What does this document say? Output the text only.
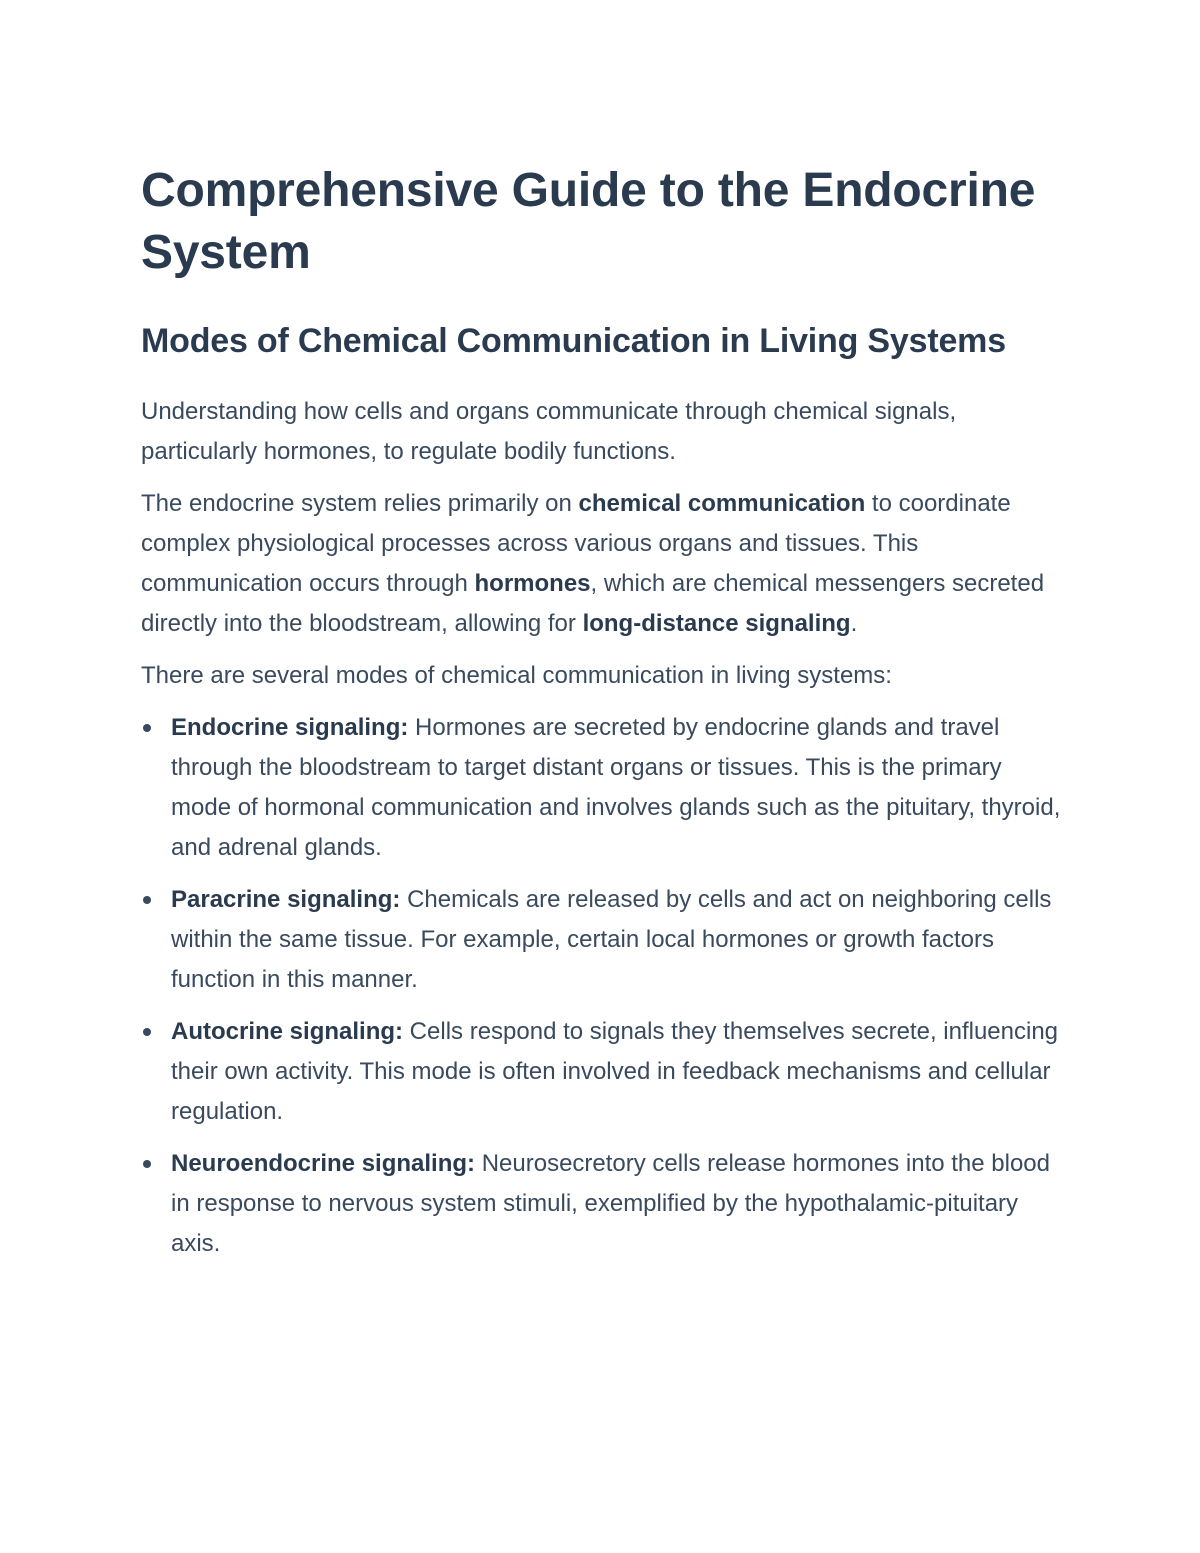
Comprehensive Guide to the Endocrine System
Modes of Chemical Communication in Living Systems

Understanding how cells and organs communicate through chemical signals, particularly hormones, to regulate bodily functions.

The endocrine system relies primarily on chemical communication to coordinate complex physiological processes across various organs and tissues. This communication occurs through hormones, which are chemical messengers secreted directly into the bloodstream, allowing for long-distance signaling.

There are several modes of chemical communication in living systems:

Endocrine signaling: Hormones are secreted by endocrine glands and travel through the bloodstream to target distant organs or tissues. This is the primary mode of hormonal communication and involves glands such as the pituitary, thyroid, and adrenal glands.
Paracrine signaling: Chemicals are released by cells and act on neighboring cells within the same tissue. For example, certain local hormones or growth factors function in this manner.
Autocrine signaling: Cells respond to signals they themselves secrete, influencing their own activity. This mode is often involved in feedback mechanisms and cellular regulation.
Neuroendocrine signaling: Neurosecretory cells release hormones into the blood in response to nervous system stimuli, exemplified by the hypothalamic-pituitary axis.
